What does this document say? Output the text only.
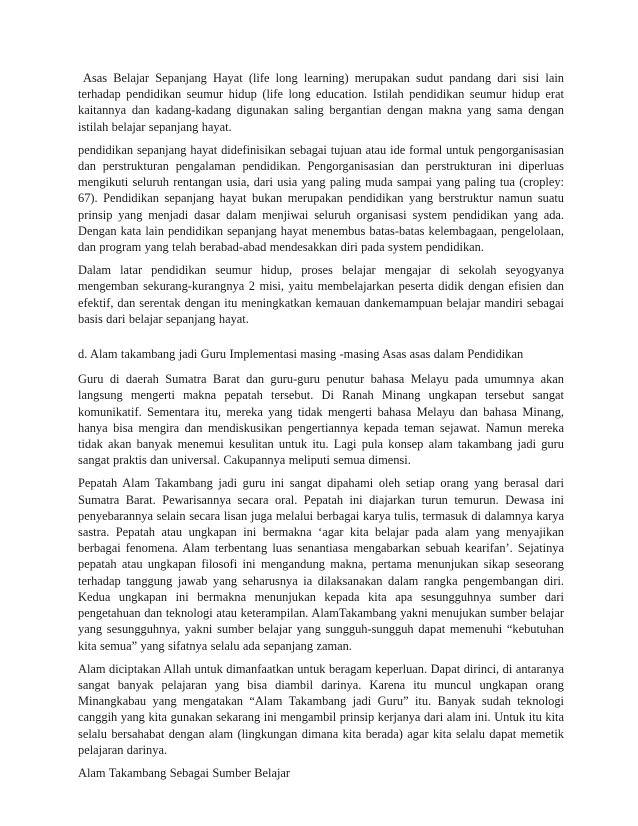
Asas Belajar Sepanjang Hayat (life long learning) merupakan sudut pandang dari sisi lain terhadap pendidikan seumur hidup (life long education. Istilah pendidikan seumur hidup erat kaitannya dan kadang-kadang digunakan saling bergantian dengan makna yang sama dengan istilah belajar sepanjang hayat.

pendidikan sepanjang hayat didefinisikan sebagai tujuan atau ide formal untuk pengorganisasian dan perstrukturan pengalaman pendidikan. Pengorganisasian dan perstrukturan ini diperluas mengikuti seluruh rentangan usia, dari usia yang paling muda sampai yang paling tua (cropley: 67). Pendidikan sepanjang hayat bukan merupakan pendidikan yang berstruktur namun suatu prinsip yang menjadi dasar dalam menjiwai seluruh organisasi system pendidikan yang ada. Dengan kata lain pendidikan sepanjang hayat menembus batas-batas kelembagaan, pengelolaan, dan program yang telah berabad-abad mendesakkan diri pada system pendidikan.

Dalam latar pendidikan seumur hidup, proses belajar mengajar di sekolah seyogyanya mengemban sekurang-kurangnya 2 misi, yaitu membelajarkan peserta didik dengan efisien dan efektif, dan serentak dengan itu meningkatkan kemauan dankemampuan belajar mandiri sebagai basis dari belajar sepanjang hayat.

d. Alam takambang jadi Guru Implementasi masing -masing Asas asas dalam Pendidikan

Guru di daerah Sumatra Barat dan guru-guru penutur bahasa Melayu pada umumnya akan langsung mengerti makna pepatah tersebut. Di Ranah Minang ungkapan tersebut sangat komunikatif. Sementara itu, mereka yang tidak mengerti bahasa Melayu dan bahasa Minang, hanya bisa mengira dan mendiskusikan pengertiannya kepada teman sejawat. Namun mereka tidak akan banyak menemui kesulitan untuk itu. Lagi pula konsep alam takambang jadi guru sangat praktis dan universal. Cakupannya meliputi semua dimensi.

Pepatah Alam Takambang jadi guru ini sangat dipahami oleh setiap orang yang berasal dari Sumatra Barat. Pewarisannya secara oral. Pepatah ini diajarkan turun temurun. Dewasa ini penyebarannya selain secara lisan juga melalui berbagai karya tulis, termasuk di dalamnya karya sastra. Pepatah atau ungkapan ini bermakna ‘agar kita belajar pada alam yang menyajikan berbagai fenomena. Alam terbentang luas senantiasa mengabarkan sebuah kearifan’. Sejatinya pepatah atau ungkapan filosofi ini mengandung makna, pertama menunjukan sikap seseorang terhadap tanggung jawab yang seharusnya ia dilaksanakan dalam rangka pengembangan diri. Kedua ungkapan ini bermakna menunjukan kepada kita apa sesungguhnya sumber dari pengetahuan dan teknologi atau keterampilan. AlamTakambang yakni menujukan sumber belajar yang sesungguhnya, yakni sumber belajar yang sungguh-sungguh dapat memenuhi “kebutuhan kita semua” yang sifatnya selalu ada sepanjang zaman.

Alam diciptakan Allah untuk dimanfaatkan untuk beragam keperluan. Dapat dirinci, di antaranya sangat banyak pelajaran yang bisa diambil darinya. Karena itu muncul ungkapan orang Minangkabau yang mengatakan “Alam Takambang jadi Guru” itu. Banyak sudah teknologi canggih yang kita gunakan sekarang ini mengambil prinsip kerjanya dari alam ini. Untuk itu kita selalu bersahabat dengan alam (lingkungan dimana kita berada) agar kita selalu dapat memetik pelajaran darinya.

Alam Takambang Sebagai Sumber Belajar
